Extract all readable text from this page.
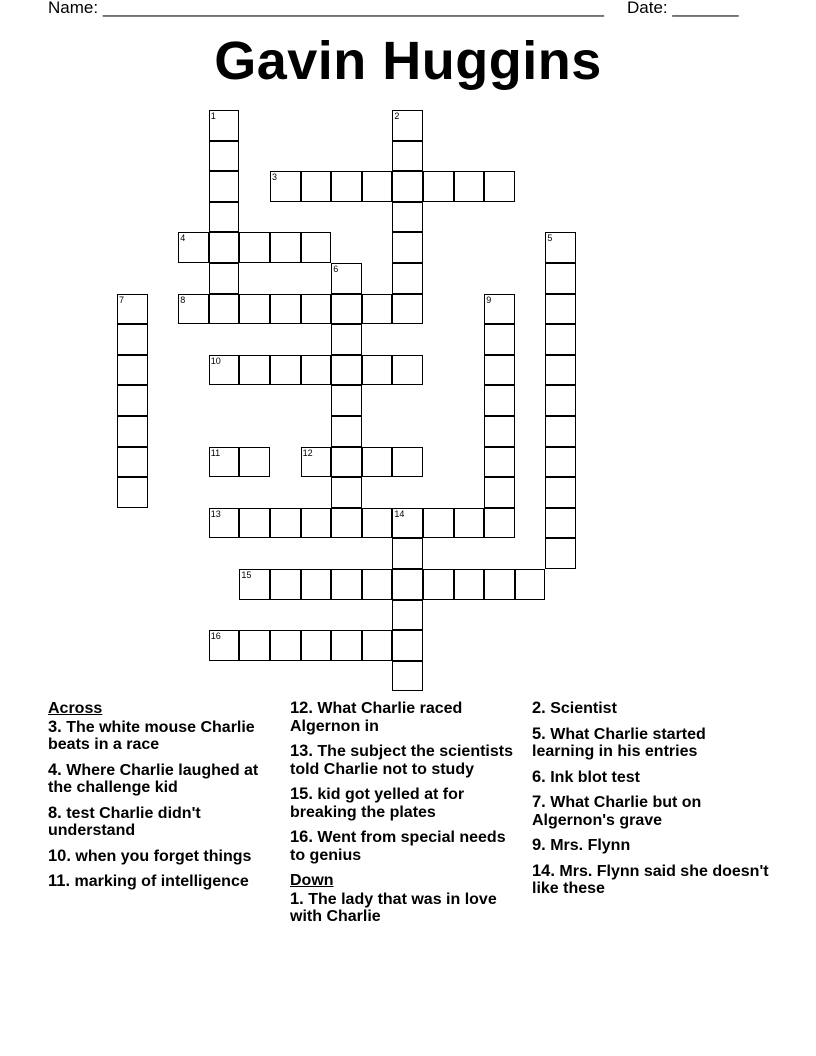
Name: _____________________________________________________ Date: _______
Gavin Huggins
1	2
3
4	5
6
7	8	9
10
11	12
13	14
15
16
Across
3. The white mouse Charlie beats in a race
4. Where Charlie laughed at the challenge kid
8. test Charlie didn't understand
10. when you forget things
11. marking of intelligence
12. What Charlie raced Algernon in
13. The subject the scientists told Charlie not to study
15. kid got yelled at for breaking the plates
16. Went from special needs to genius
Down
1. The lady that was in love with Charlie
2. Scientist
5. What Charlie started learning in his entries
6. Ink blot test
7. What Charlie but on Algernon's grave
9. Mrs. Flynn
14. Mrs. Flynn said she doesn't like these
